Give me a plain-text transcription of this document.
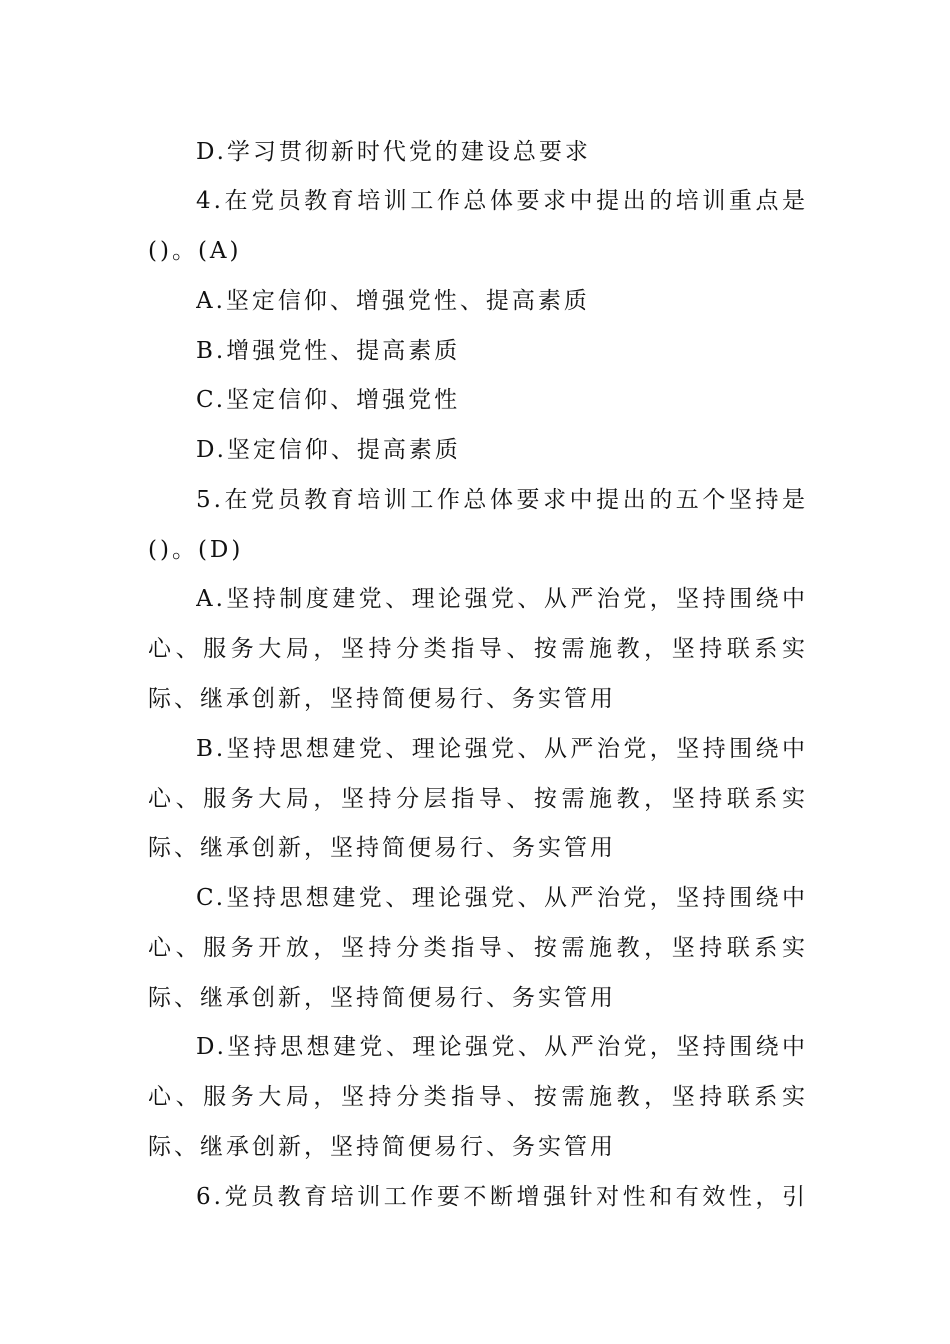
D.学习贯彻新时代党的建设总要求
4.在党员教育培训工作总体要求中提出的培训重点是
()。(A)
A.坚定信仰、增强党性、提高素质
B.增强党性、提高素质
C.坚定信仰、增强党性
D.坚定信仰、提高素质
5.在党员教育培训工作总体要求中提出的五个坚持是
()。(D)
A.坚持制度建党、理论强党、从严治党，坚持围绕中
心、服务大局，坚持分类指导、按需施教，坚持联系实
际、继承创新，坚持简便易行、务实管用
B.坚持思想建党、理论强党、从严治党，坚持围绕中
心、服务大局，坚持分层指导、按需施教，坚持联系实
际、继承创新，坚持简便易行、务实管用
C.坚持思想建党、理论强党、从严治党，坚持围绕中
心、服务开放，坚持分类指导、按需施教，坚持联系实
际、继承创新，坚持简便易行、务实管用
D.坚持思想建党、理论强党、从严治党，坚持围绕中
心、服务大局，坚持分类指导、按需施教，坚持联系实
际、继承创新，坚持简便易行、务实管用
6.党员教育培训工作要不断增强针对性和有效性，引
